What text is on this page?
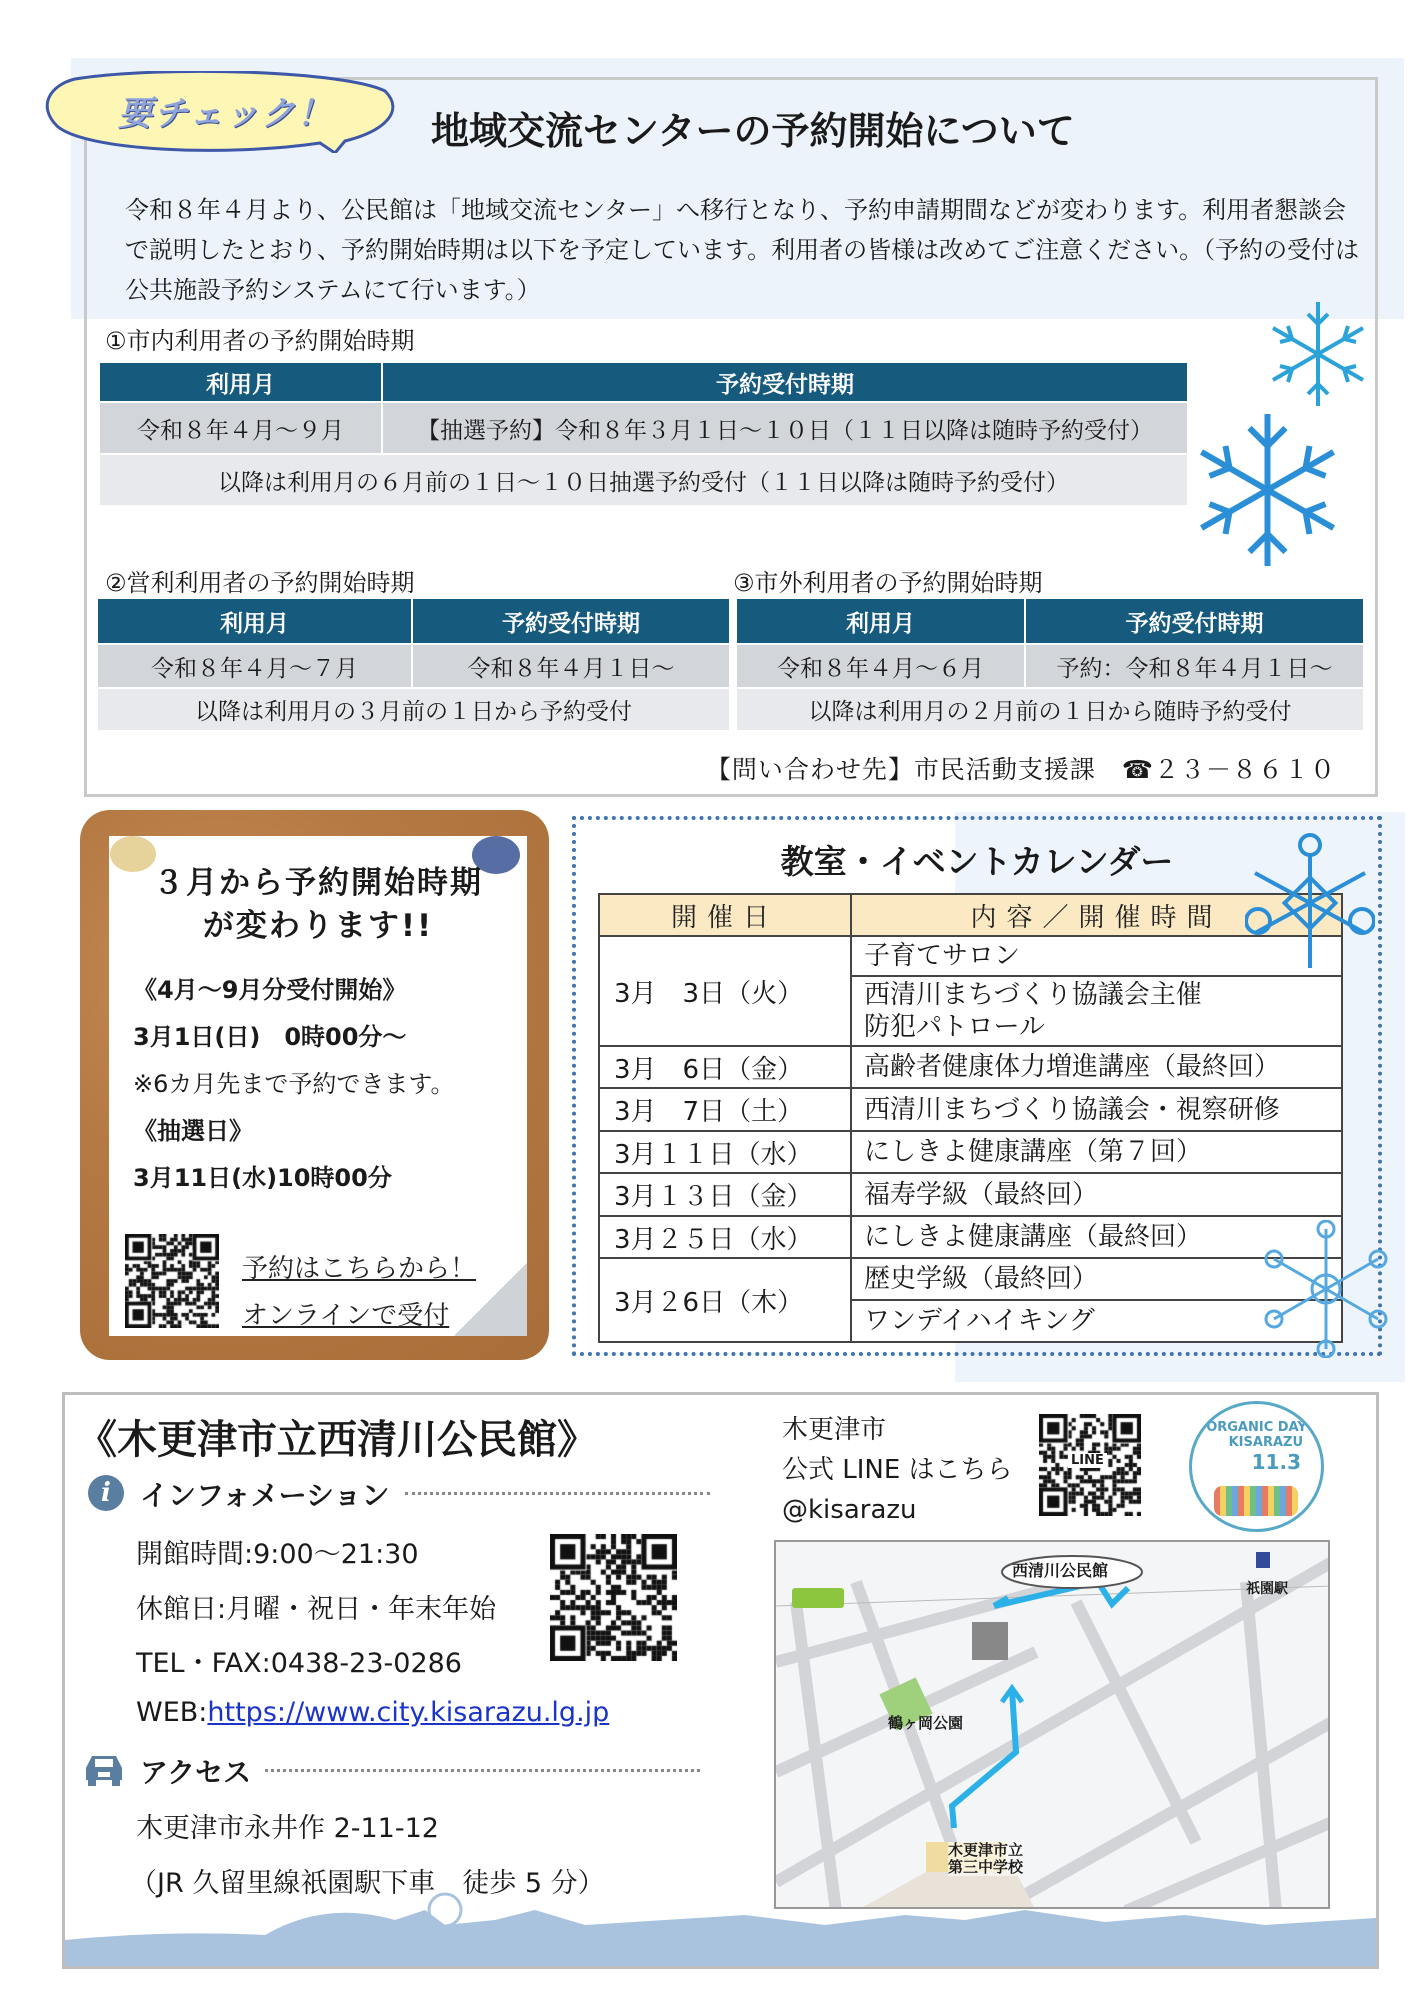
要チェック！	地域交流センターの予約開始について
令和８年４月より、公民館は「地域交流センター」へ移行となり、予約申請期間などが変わります。利用者懇談会で説明したとおり、予約開始時期は以下を予定しています。利用者の皆様は改めてご注意ください。（予約の受付は公共施設予約システムにて行います。）
①市内利用者の予約開始時期
利用月	予約受付時期
令和８年４月～９月	【抽選予約】令和８年３月１日～１０日（１１日以降は随時予約受付）
以降は利用月の６月前の１日～１０日抽選予約受付（１１日以降は随時予約受付）	
②営利利用者の予約開始時期
利用月	予約受付時期
令和８年４月～７月	令和８年４月１日～
以降は利用月の３月前の１日から予約受付	
③市外利用者の予約開始時期
利用月	予約受付時期
令和８年４月～６月	予約：令和８年４月１日～
以降は利用月の２月前の１日から随時予約受付	
【問い合わせ先】市民活動支援課　☎２３－８６１０
３月から予約開始時期
が変わります!!
《4月～9月分受付開始》
3月1日(日)　0時00分～
※6カ月先まで予約できます。
《抽選日》
3月11日(水)10時00分
予約はこちらから！
オンラインで受付
教室・イベントカレンダー
開催日	内容／開催時間
3月　3日（火）	子育てサロン
	西清川まちづくり協議会主催
防犯パトロール
3月　6日（金）	高齢者健康体力増進講座（最終回）
3月　7日（土）	西清川まちづくり協議会・視察研修
3月１１日（水）	にしきよ健康講座（第７回）
3月１３日（金）	福寿学級（最終回）
3月２５日（水）	にしきよ健康講座（最終回）
3月２6日（木）	歴史学級（最終回）
	ワンデイハイキング
《木更津市立西清川公民館》
i	インフォメーション
開館時間:9:00～21:30
休館日:月曜・祝日・年末年始
TEL・FAX:0438-23-0286
WEB:https://www.city.kisarazu.lg.jp
アクセス
木更津市永井作 2-11-12
（JR 久留里線祇園駅下車　徒歩 5 分）
木更津市
公式 LINE はこちら
@kisarazu
LINE
ORGANIC DAY
KISARAZU
11.3
西清川公民館
祇園駅
鶴ヶ岡公園
木更津市立
第三中学校
